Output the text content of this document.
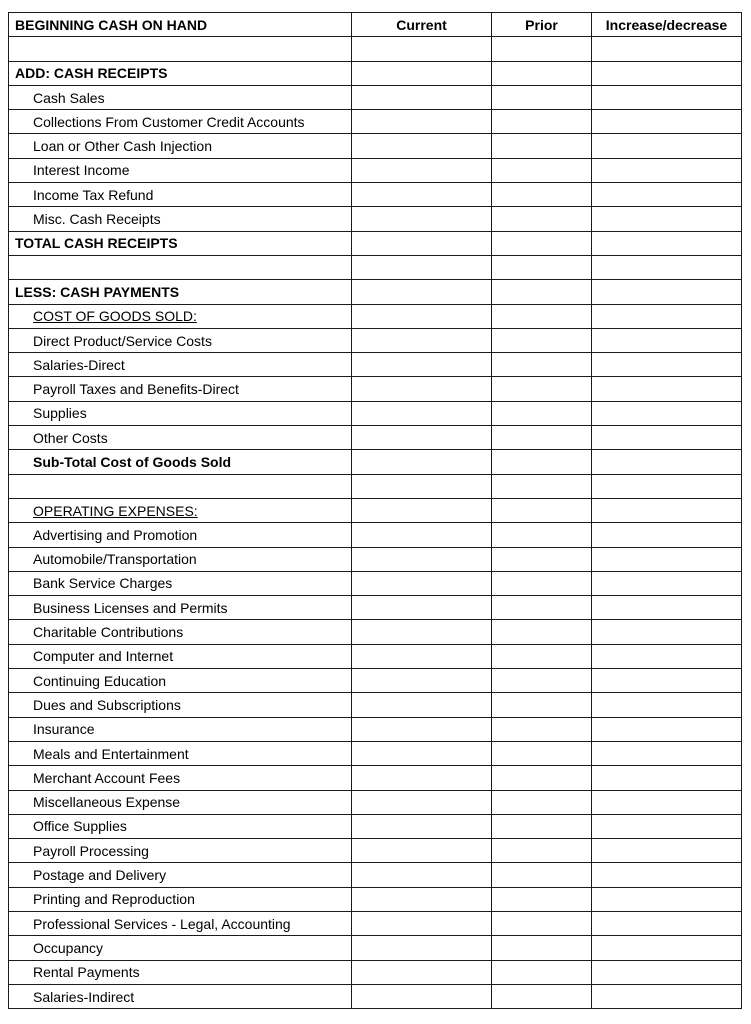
BEGINNING CASH ON HAND	Current	Prior	Increase/decrease

ADD: CASH RECEIPTS			
Cash Sales			
Collections From Customer Credit Accounts			
Loan or Other Cash Injection			
Interest Income			
Income Tax Refund			
Misc. Cash Receipts			
TOTAL CASH RECEIPTS			

LESS: CASH PAYMENTS			
COST OF GOODS SOLD:			
Direct Product/Service Costs			
Salaries-Direct			
Payroll Taxes and Benefits-Direct			
Supplies			
Other Costs			
Sub-Total Cost of Goods Sold			

OPERATING EXPENSES:			
Advertising and Promotion			
Automobile/Transportation			
Bank Service Charges			
Business Licenses and Permits			
Charitable Contributions			
Computer and Internet			
Continuing Education			
Dues and Subscriptions			
Insurance			
Meals and Entertainment			
Merchant Account Fees			
Miscellaneous Expense			
Office Supplies			
Payroll Processing			
Postage and Delivery			
Printing and Reproduction			
Professional Services - Legal, Accounting			
Occupancy			
Rental Payments			
Salaries-Indirect			
